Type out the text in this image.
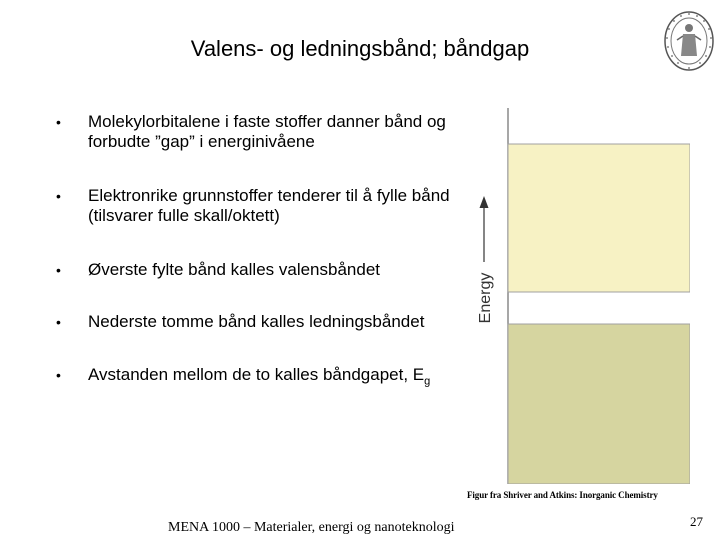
Valens- og ledningsbånd; båndgap
•	Molekylorbitalene i faste stoffer danner bånd og forbudte ”gap” i energinivåene
•	Elektronrike grunnstoffer tenderer til å fylle bånd (tilsvarer fulle skall/oktett)
•	Øverste fylte bånd kalles valensbåndet
•	Nederste tomme bånd kalles ledningsbåndet
•	Avstanden mellom de to kalles båndgapet, $E_g$
Energy
Figur fra Shriver and Atkins: Inorganic Chemistry
MENA 1000 – Materialer, energi og nanoteknologi	27
